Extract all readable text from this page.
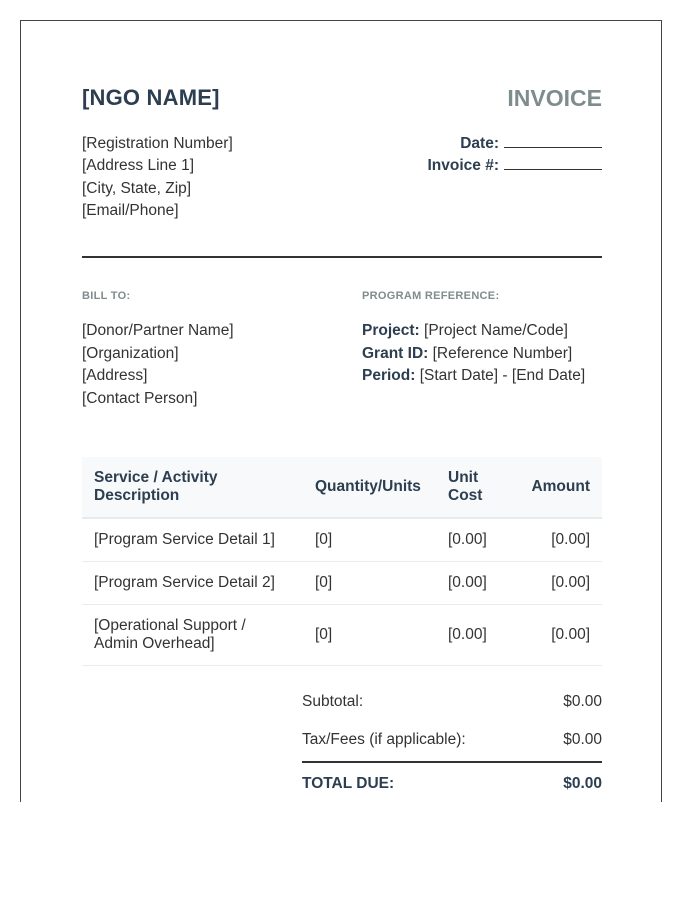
[NGO NAME]	INVOICE
[Registration Number]
[Address Line 1]
[City, State, Zip]
[Email/Phone]
Date:
Invoice #:
BILL TO:
[Donor/Partner Name]
[Organization]
[Address]
[Contact Person]
PROGRAM REFERENCE:
Project: [Project Name/Code]
Grant ID: [Reference Number]
Period: [Start Date] - [End Date]
Service / Activity Description	Quantity/Units	Unit Cost	Amount
[Program Service Detail 1]	[0]	[0.00]	[0.00]
[Program Service Detail 2]	[0]	[0.00]	[0.00]
[Operational Support / Admin Overhead]	[0]	[0.00]	[0.00]
Subtotal:	$0.00
Tax/Fees (if applicable):	$0.00
TOTAL DUE:	$0.00
